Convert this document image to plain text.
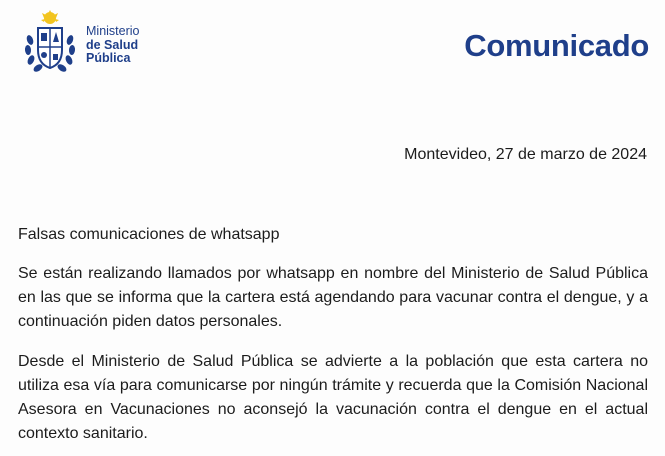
Ministerio
de Salud
Pública	Comunicado
Montevideo, 27 de marzo de 2024
Falsas comunicaciones de whatsapp

Se están realizando llamados por whatsapp en nombre del Ministerio de Salud Pública en las que se informa que la cartera está agendando para vacunar contra el dengue, y a continuación piden datos personales.

Desde el Ministerio de Salud Pública se advierte a la población que esta cartera no utiliza esa vía para comunicarse por ningún trámite y recuerda que la Comisión Nacional Asesora en Vacunaciones no aconsejó la vacunación contra el dengue en el actual contexto sanitario.
